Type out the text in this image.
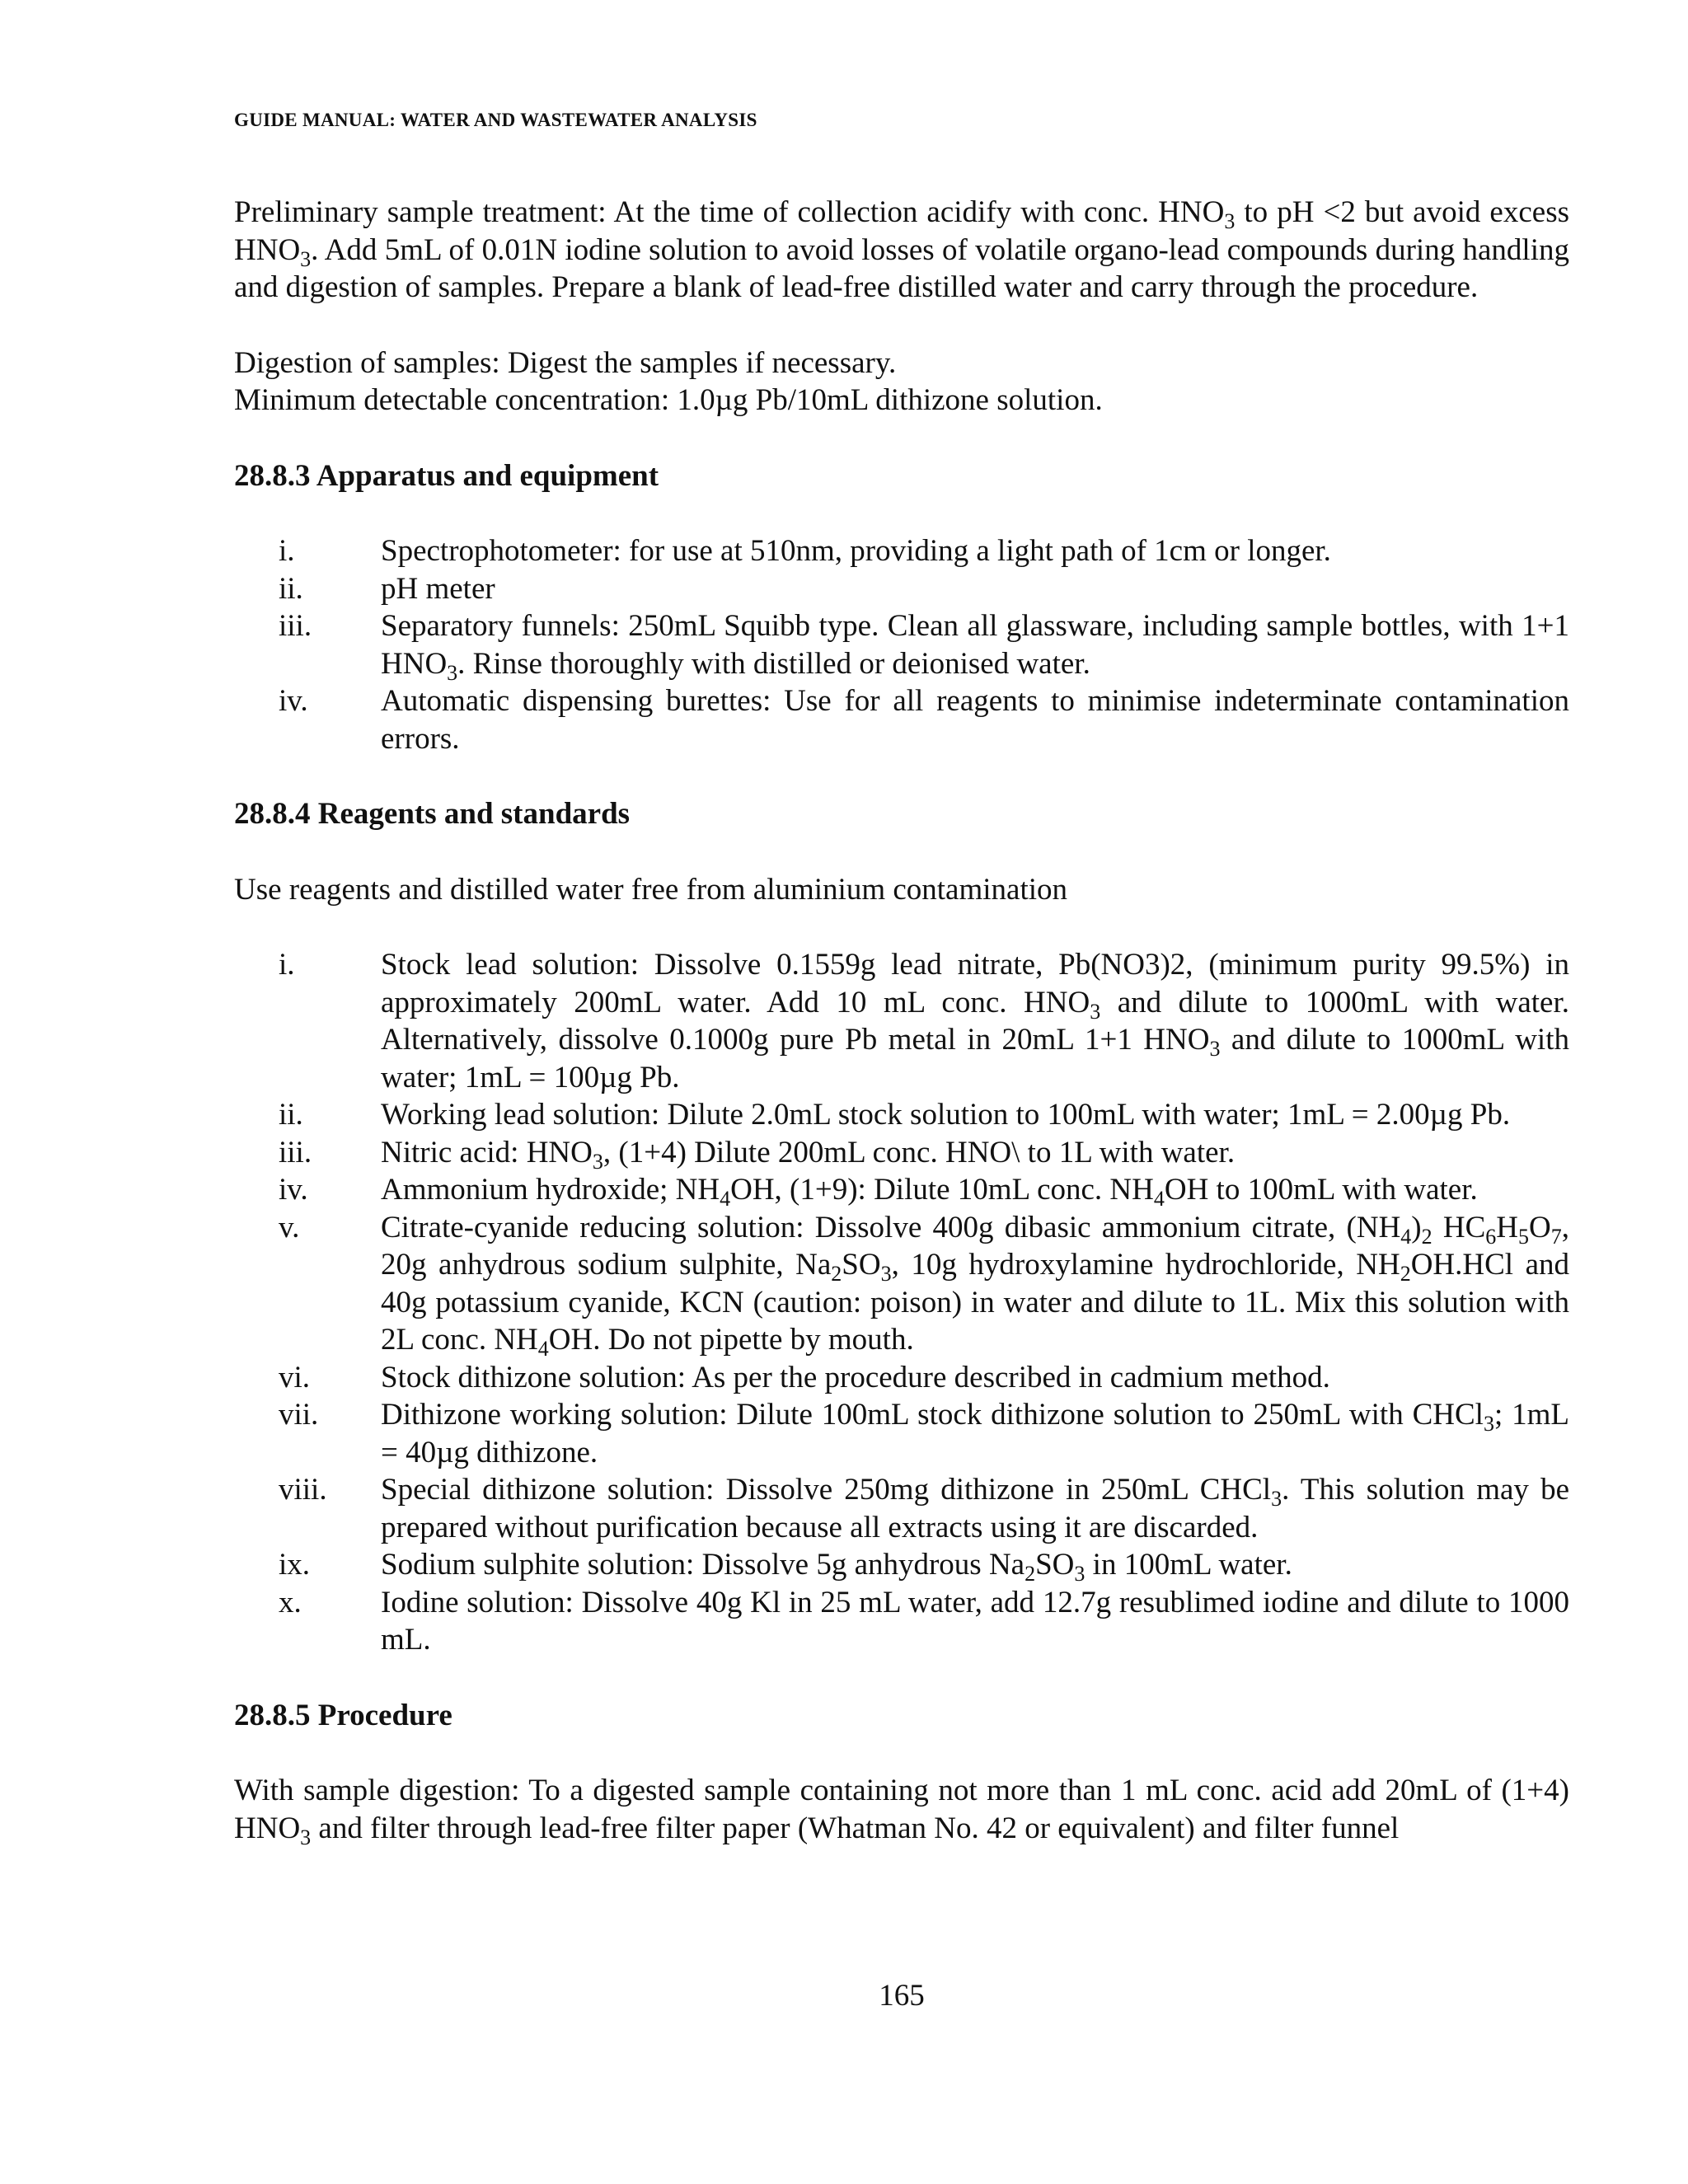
GUIDE MANUAL: WATER AND WASTEWATER ANALYSIS

Preliminary sample treatment: At the time of collection acidify with conc. $HNO_3$ to pH <2 but avoid excess $HNO_3$. Add 5mL of 0.01N iodine solution to avoid losses of volatile organo-lead compounds during handling and digestion of samples. Prepare a blank of lead-free distilled water and carry through the procedure.

Digestion of samples: Digest the samples if necessary.
Minimum detectable concentration: 1.0µg Pb/10mL dithizone solution.

28.8.3 Apparatus and equipment
i.	Spectrophotometer: for use at 510nm, providing a light path of 1cm or longer.
ii.	pH meter
iii.	Separatory funnels: 250mL Squibb type. Clean all glassware, including sample bottles, with 1+1 $HNO_3$. Rinse thoroughly with distilled or deionised water.
iv.	Automatic dispensing burettes: Use for all reagents to minimise indeterminate contamination errors.
28.8.4 Reagents and standards

Use reagents and distilled water free from aluminium contamination

i.	Stock lead solution: Dissolve 0.1559g lead nitrate, Pb(NO3)2, (minimum purity 99.5%) in approximately 200mL water. Add 10 mL conc. $HNO_3$ and dilute to 1000mL with water. Alternatively, dissolve 0.1000g pure Pb metal in 20mL 1+1 $HNO_3$ and dilute to 1000mL with water; 1mL = 100µg Pb.
ii.	Working lead solution: Dilute 2.0mL stock solution to 100mL with water; 1mL = 2.00µg Pb.
iii.	Nitric acid: $HNO_3$, (1+4) Dilute 200mL conc. HNO\ to 1L with water.
iv.	Ammonium hydroxide; $NH_4OH$, (1+9): Dilute 10mL conc. $NH_4OH$ to 100mL with water.
v.	Citrate-cyanide reducing solution: Dissolve 400g dibasic ammonium citrate, $(NH_4)_2$ $HC_6H_5O_7$, 20g anhydrous sodium sulphite, $Na_2SO_3$, 10g hydroxylamine hydrochloride, $NH_2OH.HCl$ and 40g potassium cyanide, KCN (caution: poison) in water and dilute to 1L. Mix this solution with 2L conc. $NH_4OH$. Do not pipette by mouth.
vi.	Stock dithizone solution: As per the procedure described in cadmium method.
vii.	Dithizone working solution: Dilute 100mL stock dithizone solution to 250mL with CHCl$_3$; 1mL = 40µg dithizone.
viii.	Special dithizone solution: Dissolve 250mg dithizone in 250mL CHCl$_3$. This solution may be prepared without purification because all extracts using it are discarded.
ix.	Sodium sulphite solution: Dissolve 5g anhydrous $Na_2SO_3$ in 100mL water.
x.	Iodine solution: Dissolve 40g Kl in 25 mL water, add 12.7g resublimed iodine and dilute to 1000 mL.
28.8.5 Procedure

With sample digestion: To a digested sample containing not more than 1 mL conc. acid add 20mL of (1+4) $HNO_3$ and filter through lead-free filter paper (Whatman No. 42 or equivalent) and filter funnel

165
